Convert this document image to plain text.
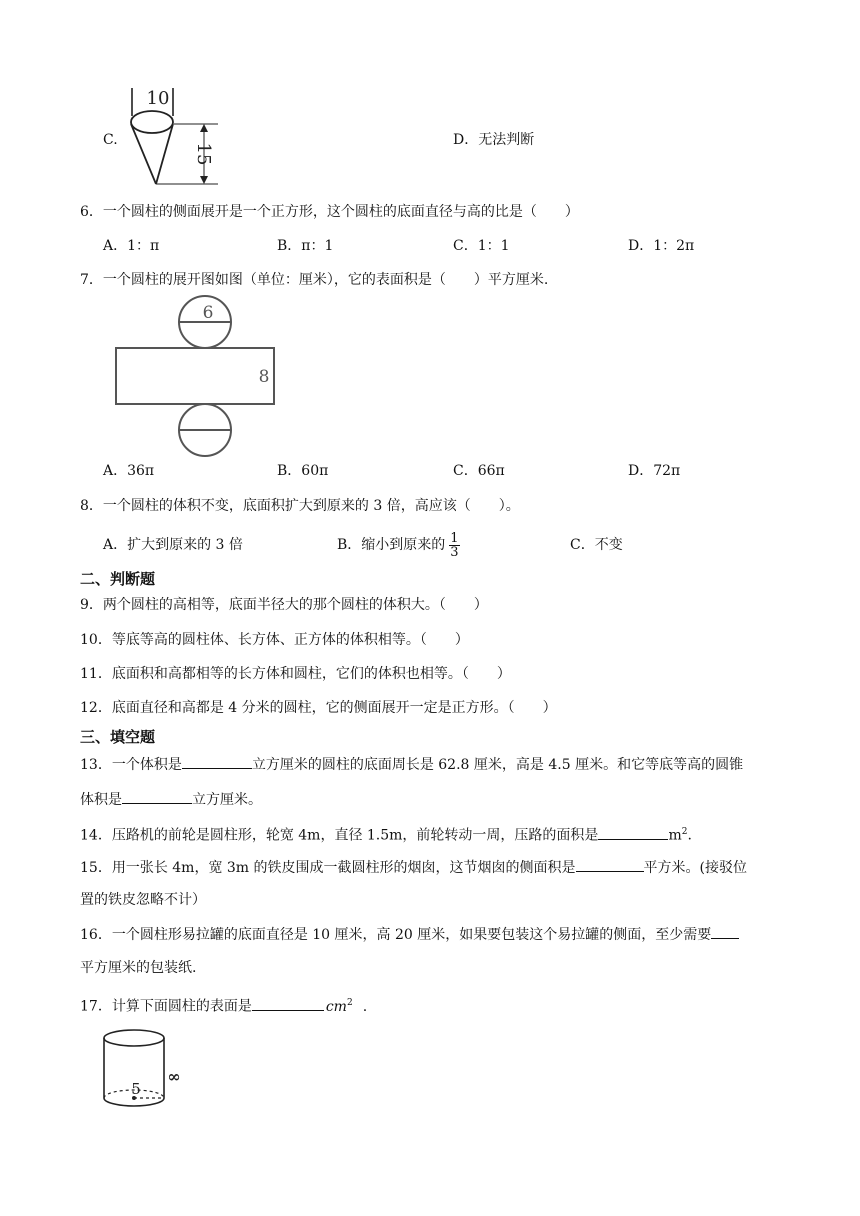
C.
10
15
D．无法判断
6．一个圆柱的侧面展开是一个正方形，这个圆柱的底面直径与高的比是（　　）
A．1：π	B．π：1	C．1：1	D．1：2π
7．一个圆柱的展开图如图（单位：厘米），它的表面积是（　　）平方厘米.
6
8
A．36π	B．60π	C．66π	D．72π
8．一个圆柱的体积不变，底面积扩大到原来的 3 倍，高应该（　　）。
A．扩大到原来的 3 倍	B．缩小到原来的 $\frac{1}{3}$	C．不变
二、判断题
9．两个圆柱的高相等，底面半径大的那个圆柱的体积大。（　　）
10．等底等高的圆柱体、长方体、正方体的体积相等。（　　）
11．底面积和高都相等的长方体和圆柱，它们的体积也相等。（　　）
12．底面直径和高都是 4 分米的圆柱，它的侧面展开一定是正方形。（　　）
三、填空题
13．一个体积是	立方厘米的圆柱的底面周长是 62.8 厘米，高是 4.5 厘米。和它等底等高的圆锥
体积是	立方厘米。
14．压路机的前轮是圆柱形，轮宽 4m，直径 1.5m，前轮转动一周，压路的面积是	$m^2$.
15．用一张长 4m，宽 3m 的铁皮围成一截圆柱形的烟囱，这节烟囱的侧面积是	平方米。(接驳位
置的铁皮忽略不计）
16．一个圆柱形易拉罐的底面直径是 10 厘米，高 20 厘米，如果要包装这个易拉罐的侧面，至少需要
平方厘米的包装纸.
17．计算下面圆柱的表面是	$cm^2$ .
5
∞
